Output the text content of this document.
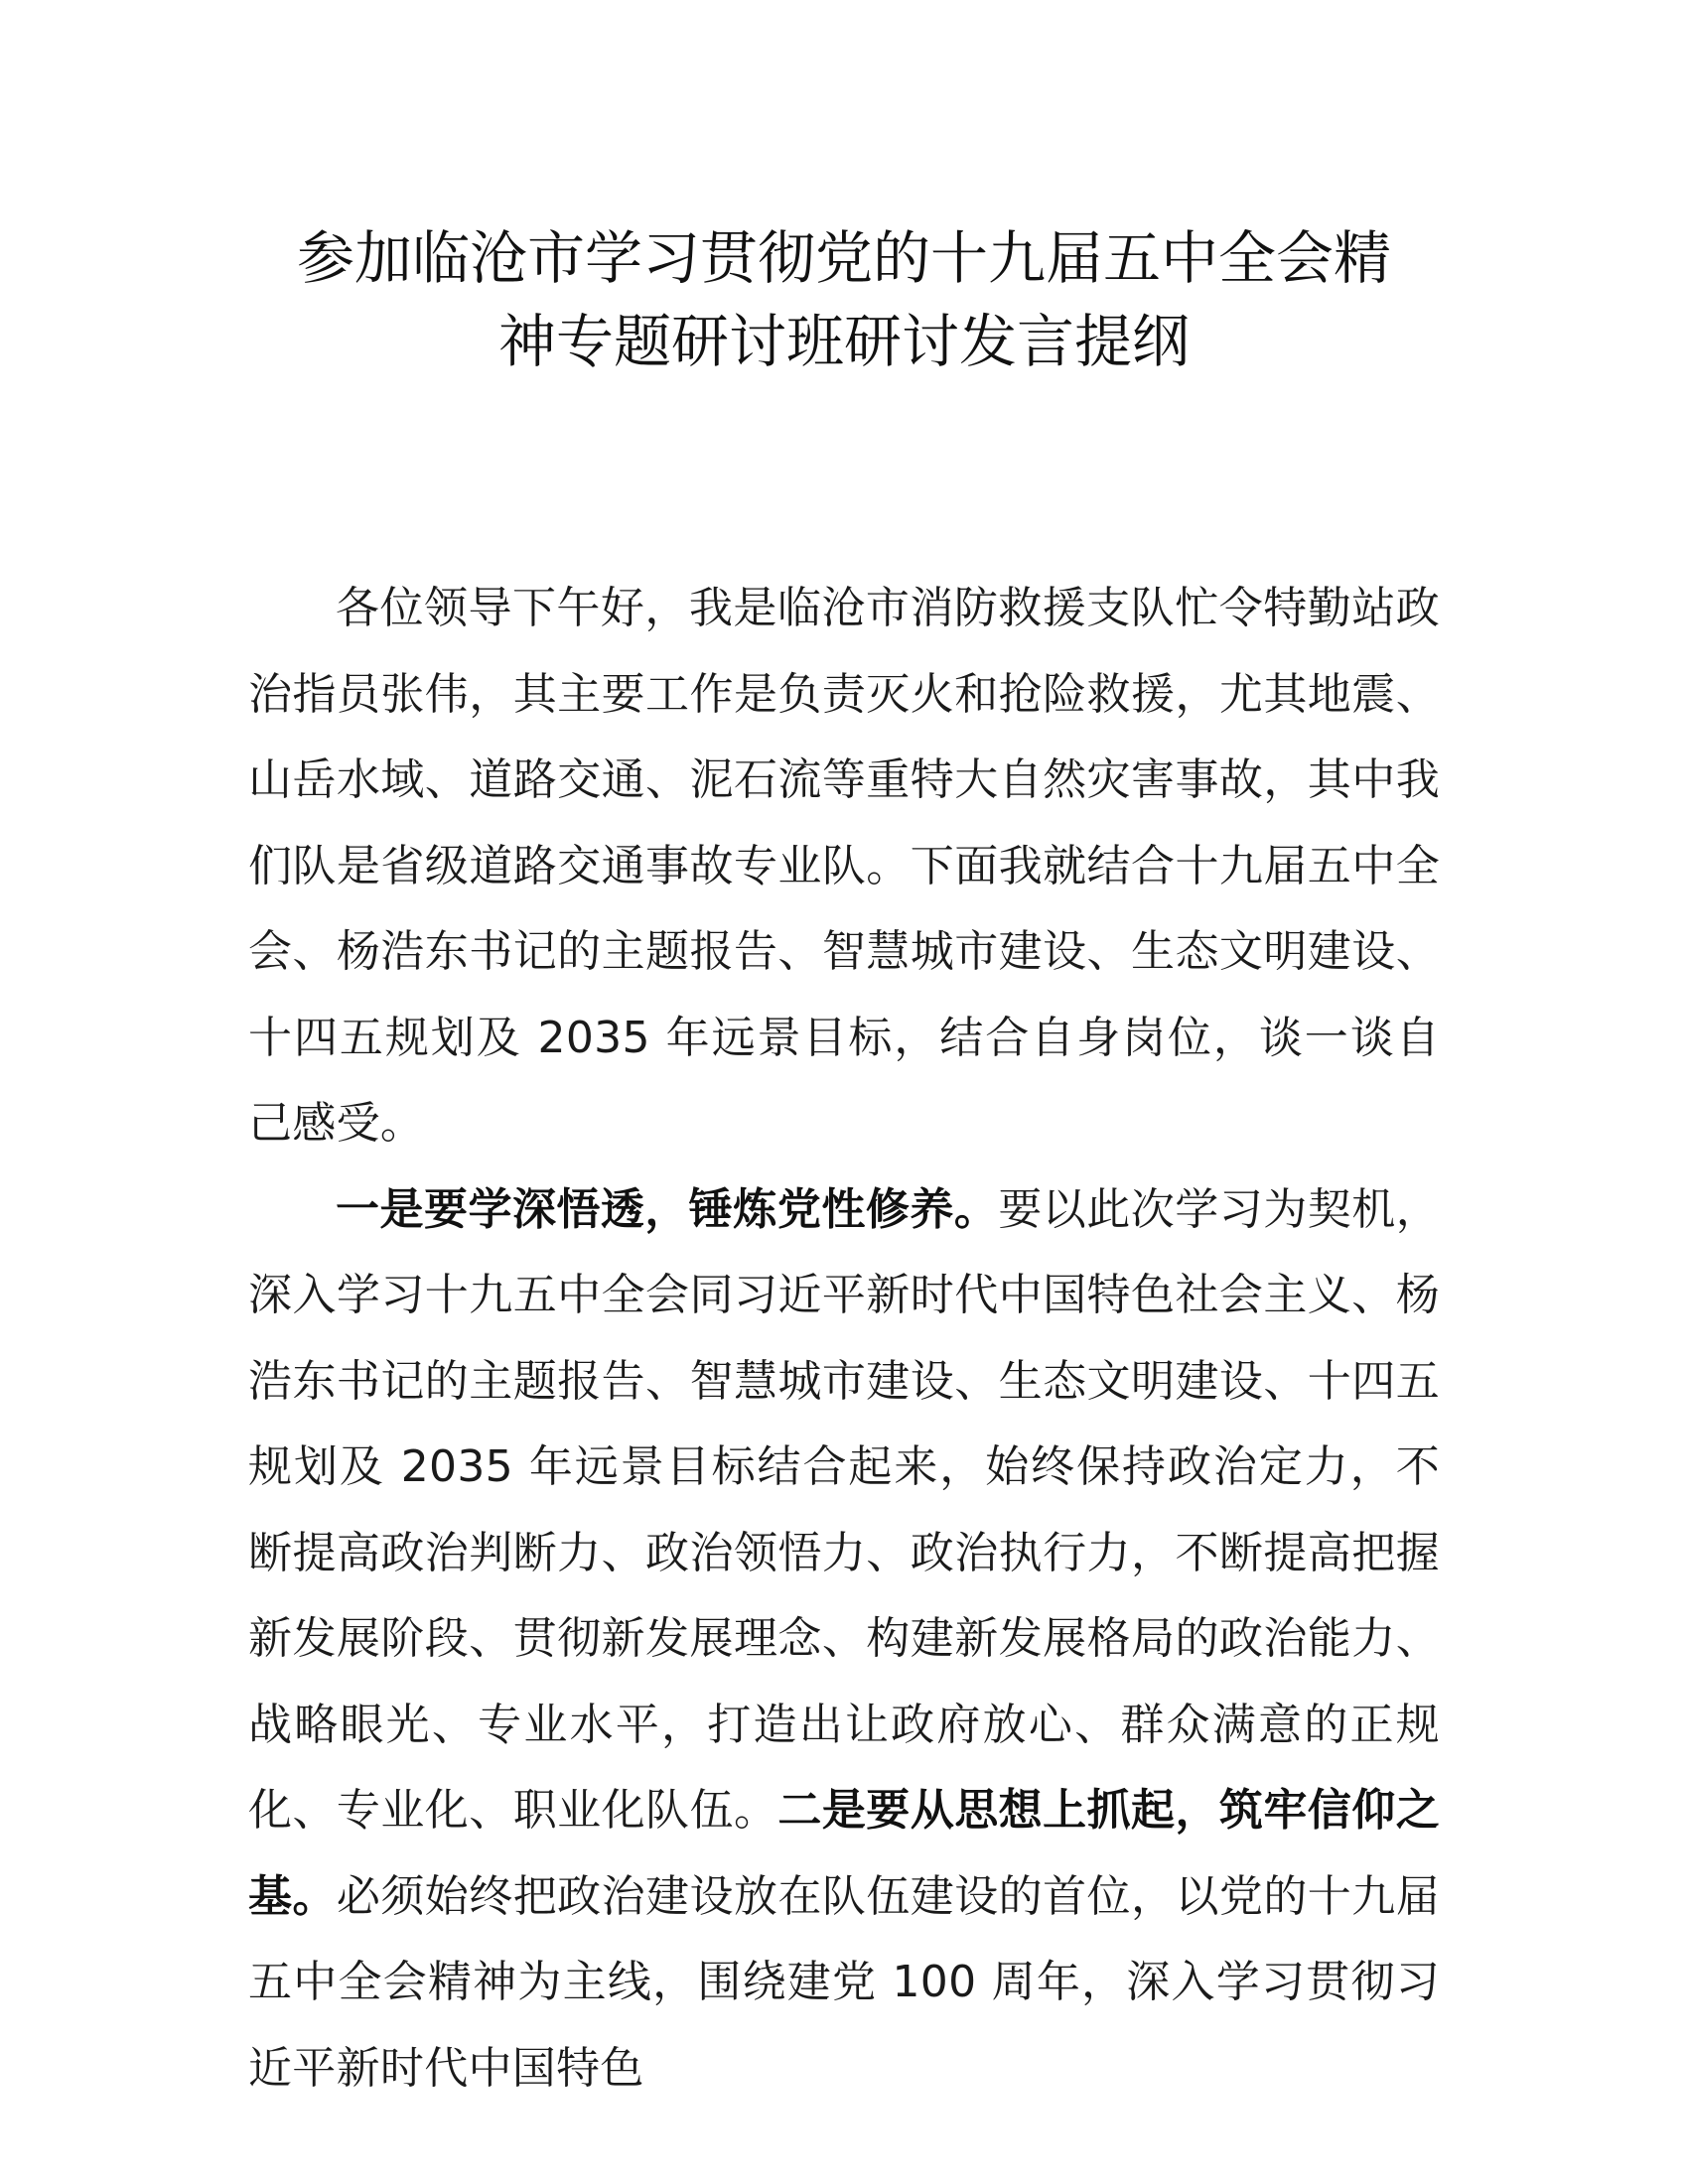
参加临沧市学习贯彻党的十九届五中全会精
神专题研讨班研讨发言提纲

各位领导下午好，我是临沧市消防救援支队忙令特勤站政治指员张伟，其主要工作是负责灭火和抢险救援，尤其地震、山岳水域、道路交通、泥石流等重特大自然灾害事故，其中我们队是省级道路交通事故专业队。下面我就结合十九届五中全会、杨浩东书记的主题报告、智慧城市建设、生态文明建设、十四五规划及 2035 年远景目标，结合自身岗位，谈一谈自己感受。

一是要学深悟透，锤炼党性修养。要以此次学习为契机，深入学习十九五中全会同习近平新时代中国特色社会主义、杨浩东书记的主题报告、智慧城市建设、生态文明建设、十四五规划及 2035 年远景目标结合起来，始终保持政治定力，不断提高政治判断力、政治领悟力、政治执行力，不断提高把握新发展阶段、贯彻新发展理念、构建新发展格局的政治能力、战略眼光、专业水平，打造出让政府放心、群众满意的正规化、专业化、职业化队伍。二是要从思想上抓起，筑牢信仰之基。必须始终把政治建设放在队伍建设的首位，以党的十九届五中全会精神为主线，围绕建党 100 周年，深入学习贯彻习近平新时代中国特色
